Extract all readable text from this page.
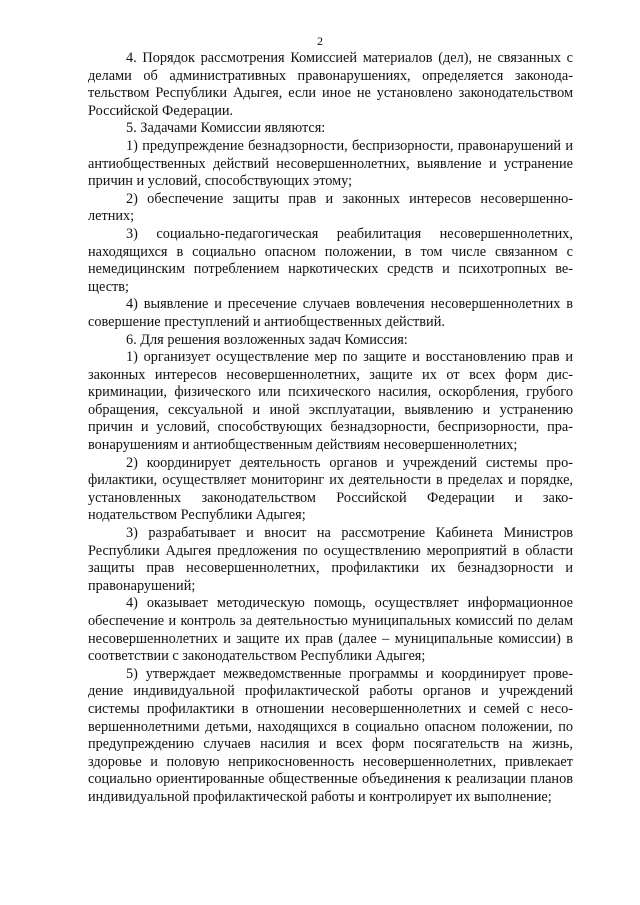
2

4. Порядок рассмотрения Комиссией материалов (дел), не связанных с делами об административных правонарушениях, определяется законодательством Республики Адыгея, если иное не установлено законодательством Российской Федерации.

5. Задачами Комиссии являются:

1) предупреждение безнадзорности, беспризорности, правонарушений и антиобщественных действий несовершеннолетних, выявление и устранение причин и условий, способствующих этому;

2) обеспечение защиты прав и законных интересов несовершеннолетних;

3) социально-педагогическая реабилитация несовершеннолетних, находящихся в социально опасном положении, в том числе связанном с немедицинским потреблением наркотических средств и психотропных веществ;

4) выявление и пресечение случаев вовлечения несовершеннолетних в совершение преступлений и антиобщественных действий.

6. Для решения возложенных задач Комиссия:

1) организует осуществление мер по защите и восстановлению прав и законных интересов несовершеннолетних, защите их от всех форм дискриминации, физического или психического насилия, оскорбления, грубого обращения, сексуальной и иной эксплуатации, выявлению и устранению причин и условий, способствующих безнадзорности, беспризорности, правонарушениям и антиобщественным действиям несовершеннолетних;

2) координирует деятельность органов и учреждений системы профилактики, осуществляет мониторинг их деятельности в пределах и порядке, установленных законодательством Российской Федерации и законодательством Республики Адыгея;

3) разрабатывает и вносит на рассмотрение Кабинета Министров Республики Адыгея предложения по осуществлению мероприятий в области защиты прав несовершеннолетних, профилактики их безнадзорности и правонарушений;

4) оказывает методическую помощь, осуществляет информационное обеспечение и контроль за деятельностью муниципальных комиссий по делам несовершеннолетних и защите их прав (далее – муниципальные комиссии) в соответствии с законодательством Республики Адыгея;

5) утверждает межведомственные программы и координирует проведение индивидуальной профилактической работы органов и учреждений системы профилактики в отношении несовершеннолетних и семей с несовершеннолетними детьми, находящихся в социально опасном положении, по предупреждению случаев насилия и всех форм посягательств на жизнь, здоровье и половую неприкосновенность несовершеннолетних, привлекает социально ориентированные общественные объединения к реализации планов индивидуальной профилактической работы и контролирует их выполнение;
